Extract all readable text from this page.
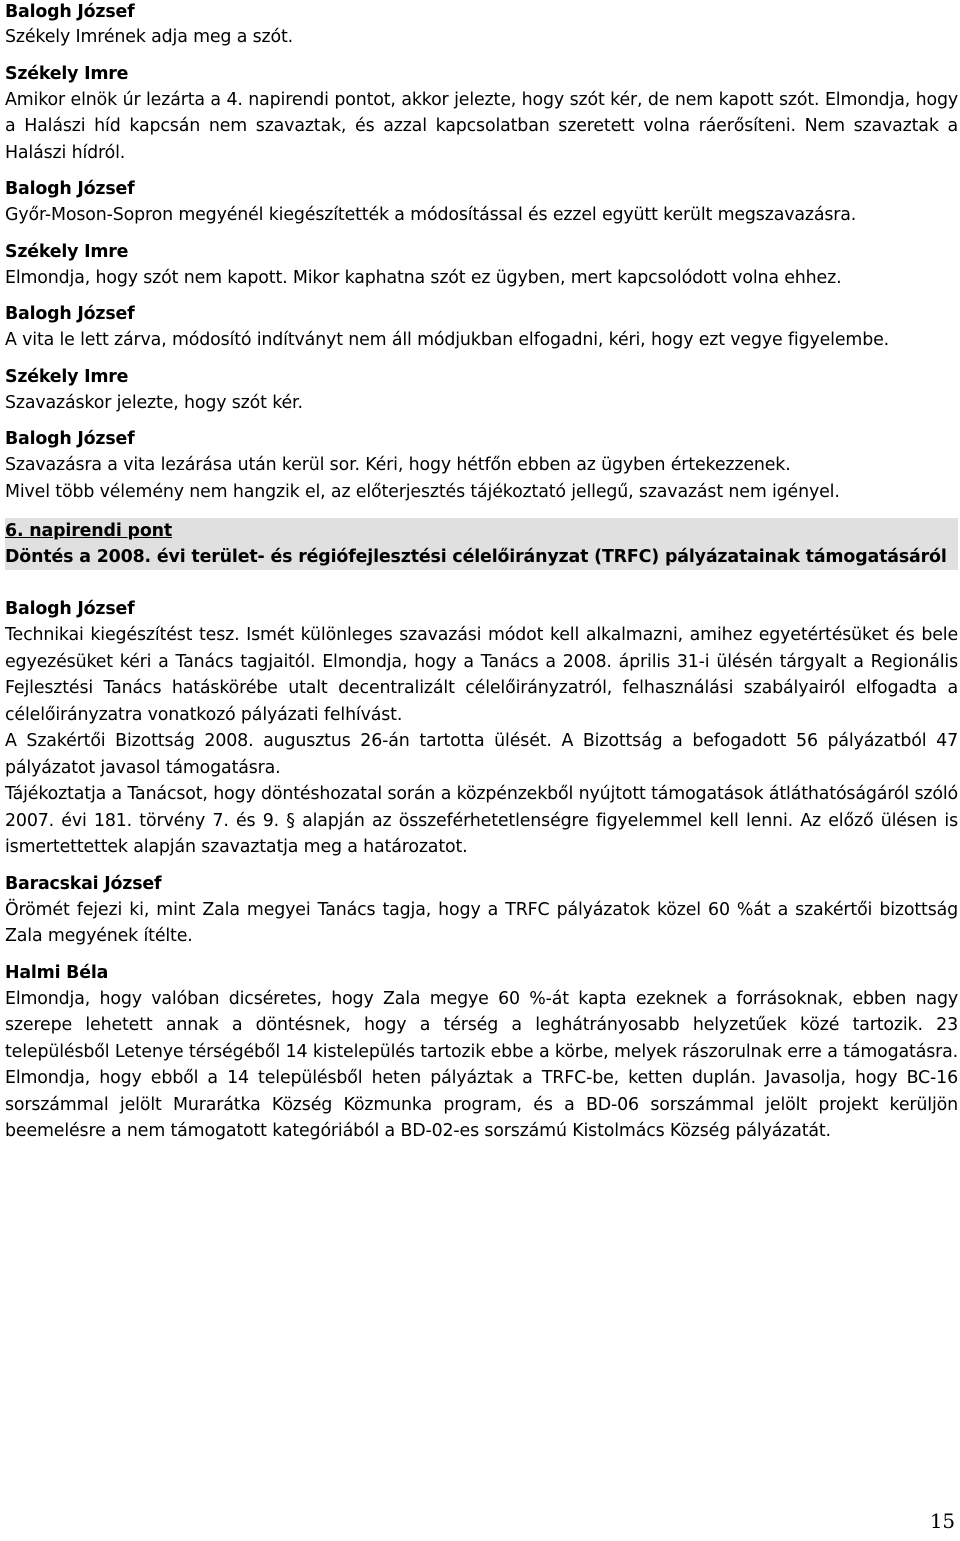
Balogh József

Székely Imrének adja meg a szót.

Székely Imre

Amikor elnök úr lezárta a 4. napirendi pontot, akkor jelezte, hogy szót kér, de nem kapott szót. Elmondja, hogy a Halászi híd kapcsán nem szavaztak, és azzal kapcsolatban szeretett volna ráerősíteni. Nem szavaztak a Halászi hídról.

Balogh József

Győr-Moson-Sopron megyénél kiegészítették a módosítással és ezzel együtt került megszavazásra.

Székely Imre

Elmondja, hogy szót nem kapott. Mikor kaphatna szót ez ügyben, mert kapcsolódott volna ehhez.

Balogh József

A vita le lett zárva, módosító indítványt nem áll módjukban elfogadni, kéri, hogy ezt vegye figyelembe.

Székely Imre

Szavazáskor jelezte, hogy szót kér.

Balogh József

Szavazásra a vita lezárása után kerül sor. Kéri, hogy hétfőn ebben az ügyben értekezzenek.

Mivel több vélemény nem hangzik el, az előterjesztés tájékoztató jellegű, szavazást nem igényel.

6. napirendi pont
Döntés a 2008. évi terület- és régiófejlesztési célelőirányzat (TRFC) pályázatainak támogatásáról
Balogh József

Technikai kiegészítést tesz. Ismét különleges szavazási módot kell alkalmazni, amihez egyetértésüket és bele egyezésüket kéri a Tanács tagjaitól. Elmondja, hogy a Tanács a 2008. április 31-i ülésén tárgyalt a Regionális Fejlesztési Tanács hatáskörébe utalt decentralizált célelőirányzatról, felhasználási szabályairól elfogadta a célelőirányzatra vonatkozó pályázati felhívást.

A Szakértői Bizottság 2008. augusztus 26-án tartotta ülését. A Bizottság a befogadott 56 pályázatból 47 pályázatot javasol támogatásra.

Tájékoztatja a Tanácsot, hogy döntéshozatal során a közpénzekből nyújtott támogatások átláthatóságáról szóló 2007. évi 181. törvény 7. és 9. § alapján az összeférhetetlenségre figyelemmel kell lenni. Az előző ülésen is ismertettettek alapján szavaztatja meg a határozatot.

Baracskai József

Örömét fejezi ki, mint Zala megyei Tanács tagja, hogy a TRFC pályázatok közel 60 %át a szakértői bizottság Zala megyének ítélte.

Halmi Béla

Elmondja, hogy valóban dicséretes, hogy Zala megye 60 %-át kapta ezeknek a forrásoknak, ebben nagy szerepe lehetett annak a döntésnek, hogy a térség a leghátrányosabb helyzetűek közé tartozik. 23 településből Letenye térségéből 14 kistelepülés tartozik ebbe a körbe, melyek rászorulnak erre a támogatásra. Elmondja, hogy ebből a 14 településből heten pályáztak a TRFC-be, ketten duplán. Javasolja, hogy BC-16 sorszámmal jelölt Murarátka Község Közmunka program, és a BD-06 sorszámmal jelölt projekt kerüljön beemelésre a nem támogatott kategóriából a BD-02-es sorszámú Kistolmács Község pályázatát.

15
